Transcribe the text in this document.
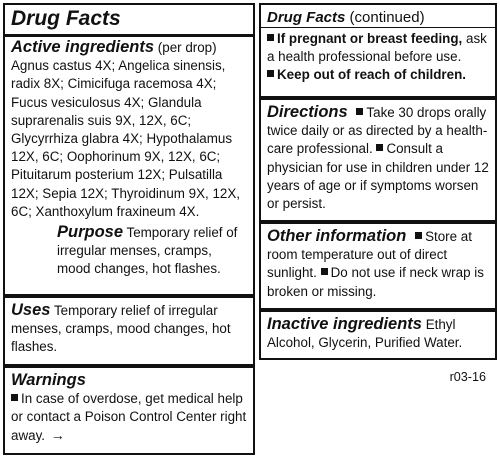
Drug Facts
Active ingredients (per drop)

Agnus castus 4X; Angelica sinensis, radix 8X; Cimicifuga racemosa 4X; Fucus vesiculosus 4X; Glandula suprarenalis suis 9X, 12X, 6C; Glycyrrhiza glabra 4X; Hypothalamus 12X, 6C; Oophorinum 9X, 12X, 6C; Pituitarum posterium 12X; Pulsatilla 12X; Sepia 12X; Thyroidinum 9X, 12X, 6C; Xanthoxylum fraxineum 4X.

Purpose Temporary relief of irregular menses, cramps, mood changes, hot flashes.

Uses Temporary relief of irregular menses, cramps, mood changes, hot flashes.

Warnings

In case of overdose, get medical help or contact a Poison Control Center right away. →

Drug Facts (continued)

If pregnant or breast feeding, ask a health professional before use.

Keep out of reach of children.

Directions Take 30 drops orally twice daily or as directed by a health-care professional. Consult a physician for use in children under 12 years of age or if symptoms worsen or persist.

Other information Store at room temperature out of direct sunlight. Do not use if neck wrap is broken or missing.

Inactive ingredients Ethyl Alcohol, Glycerin, Purified Water.

r03-16
